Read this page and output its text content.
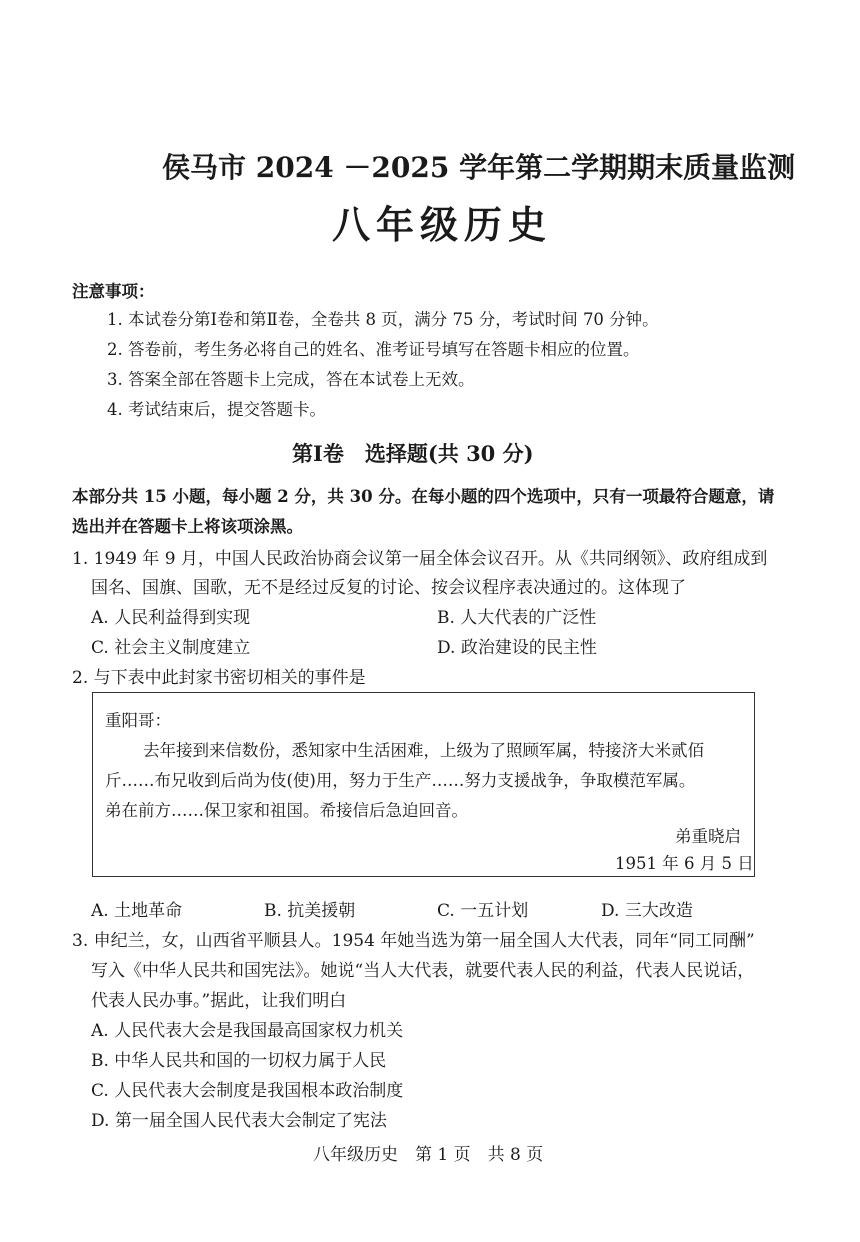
侯马市 2024 －2025 学年第二学期期末质量监测
八年级历史
注意事项：
1. 本试卷分第Ⅰ卷和第Ⅱ卷，全卷共 8 页，满分 75 分，考试时间 70 分钟。
2. 答卷前，考生务必将自己的姓名、准考证号填写在答题卡相应的位置。
3. 答案全部在答题卡上完成，答在本试卷上无效。
4. 考试结束后，提交答题卡。
第Ⅰ卷　选择题(共 30 分)
本部分共 15 小题，每小题 2 分，共 30 分。在每小题的四个选项中，只有一项最符合题意，请
选出并在答题卡上将该项涂黑。
1. 1949 年 9 月，中国人民政治协商会议第一届全体会议召开。从《共同纲领》、政府组成到
国名、国旗、国歌，无不是经过反复的讨论、按会议程序表决通过的。这体现了
A. 人民利益得到实现	B. 人大代表的广泛性
C. 社会主义制度建立	D. 政治建设的民主性
2. 与下表中此封家书密切相关的事件是
重阳哥：
去年接到来信数份，悉知家中生活困难，上级为了照顾军属，特接济大米贰佰
斤……布兄收到后尚为伎(使)用，努力于生产……努力支援战争，争取模范军属。
弟在前方……保卫家和祖国。希接信后急迫回音。
弟重晓启
1951 年 6 月 5 日
A. 土地革命	B. 抗美援朝	C. 一五计划	D. 三大改造
3. 申纪兰，女，山西省平顺县人。1954 年她当选为第一届全国人大代表，同年“同工同酬”
写入《中华人民共和国宪法》。她说“当人大代表，就要代表人民的利益，代表人民说话，
代表人民办事。”据此，让我们明白
A. 人民代表大会是我国最高国家权力机关
B. 中华人民共和国的一切权力属于人民
C. 人民代表大会制度是我国根本政治制度
D. 第一届全国人民代表大会制定了宪法
八年级历史　第 1 页　共 8 页
